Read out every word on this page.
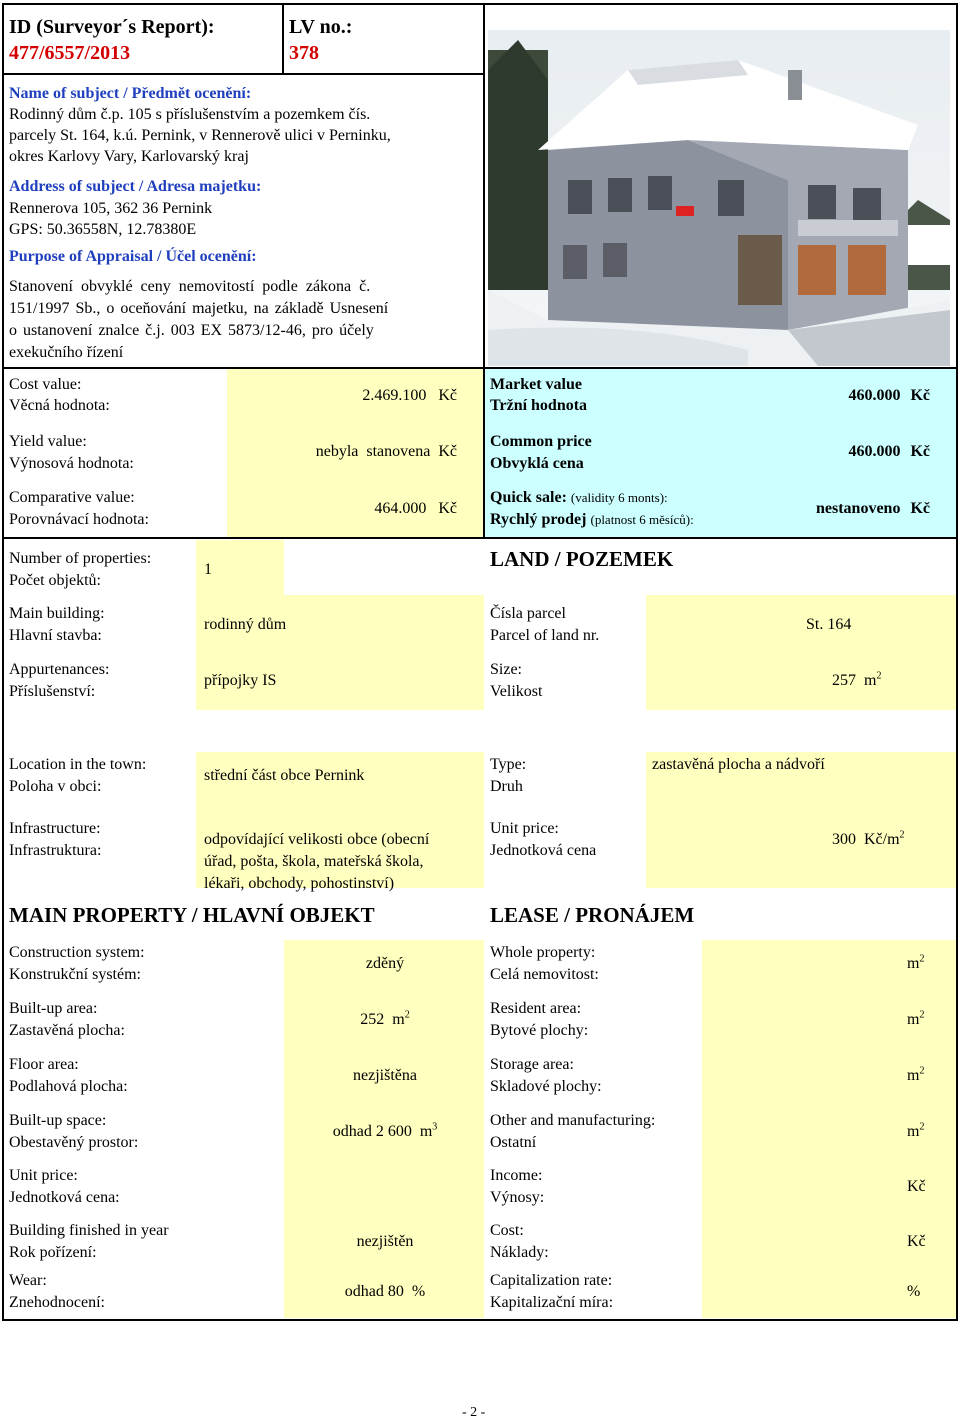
ID (Surveyor´s Report):
477/6557/2013
LV no.:
378
Name of subject / Předmět ocenění:
Rodinný dům č.p. 105 s příslušenstvím a pozemkem čís.
parcely St. 164, k.ú. Pernink, v Rennerově ulici v Perninku,
okres Karlovy Vary, Karlovarský kraj
Address of subject / Adresa majetku:
Rennerova 105, 362 36 Pernink
GPS: 50.36558N, 12.78380E
Purpose of Appraisal / Účel ocenění:
Stanovení obvyklé ceny nemovitostí podle zákona č.
151/1997 Sb., o oceňování majetku, na základě Usnesení
o ustanovení znalce č.j. 003 EX 5873/12-46, pro účely
exekučního řízení
Cost value:
Věcná hodnota:
2.469.100 Kč
Yield value:
Výnosová hodnota:
nebyla stanovena Kč
Comparative value:
Porovnávací hodnota:
464.000 Kč
Market value
Tržní hodnota
460.000 Kč
Common price
Obvyklá cena
460.000 Kč
Quick sale: (validity 6 monts):
Rychlý prodej (platnost 6 měsíců):
nestanoveno Kč
Number of properties:
Počet objektů:
1	LAND / POZEMEK
Main building:
Hlavní stavba:
rodinný dům
Čísla parcel
Parcel of land nr.
St. 164
Appurtenances:
Příslušenství:
přípojky IS
Size:
Velikost
257 $m^2$
Location in the town:
Poloha v obci:
střední část obce Pernink
Type:
Druh
zastavěná plocha a nádvoří
Infrastructure:
Infrastruktura:
odpovídající velikosti obce (obecní
úřad, pošta, škola, mateřská škola,
lékaři, obchody, pohostinství)
Unit price:
Jednotková cena
300 $Kč/m^2$
MAIN PROPERTY / HLAVNÍ OBJEKT	LEASE / PRONÁJEM
Construction system:
Konstrukční systém:
zděný
Built-up area:
Zastavěná plocha:
252 $m^2$
Floor area:
Podlahová plocha:
nezjištěna
Built-up space:
Obestavěný prostor:
odhad 2 600 $m^3$
Unit price:
Jednotková cena:
Building finished in year
Rok pořízení:
nezjištěn
Wear:
Znehodnocení:
odhad 80 %
Whole property:
Celá nemovitost:
$m^2$
Resident area:
Bytové plochy:
$m^2$
Storage area:
Skladové plochy:
$m^2$
Other and manufacturing:
Ostatní
$m^2$
Income:
Výnosy:
Kč
Cost:
Náklady:
Kč
Capitalization rate:
Kapitalizační míra:
%
- 2 -
